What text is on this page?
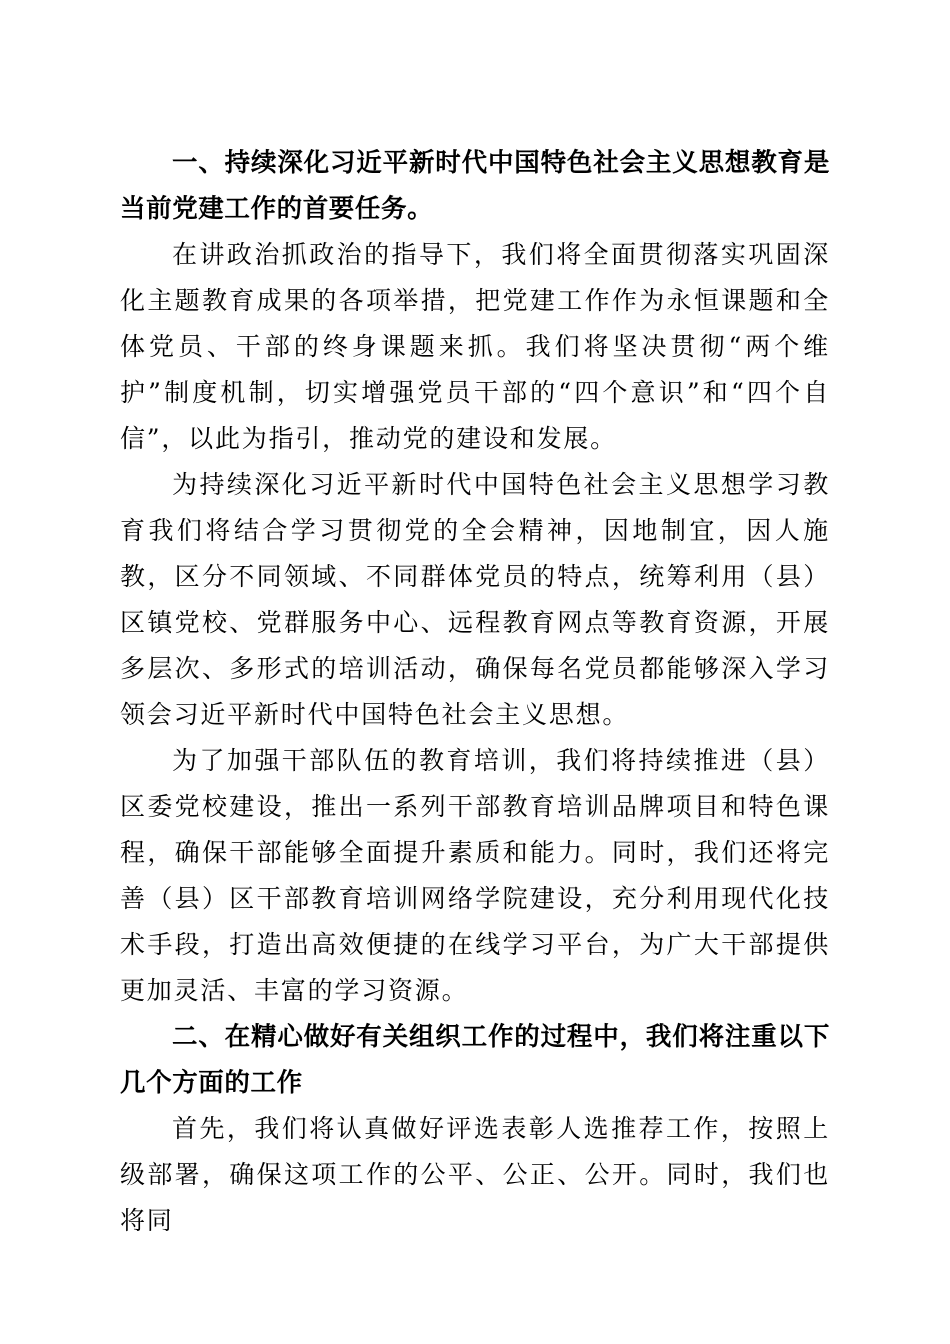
一、持续深化习近平新时代中国特色社会主义思想教育是当前党建工作的首要任务。

在讲政治抓政治的指导下，我们将全面贯彻落实巩固深化主题教育成果的各项举措，把党建工作作为永恒课题和全体党员、干部的终身课题来抓。我们将坚决贯彻“两个维护”制度机制，切实增强党员干部的“四个意识”和“四个自信”，以此为指引，推动党的建设和发展。

为持续深化习近平新时代中国特色社会主义思想学习教育我们将结合学习贯彻党的全会精神，因地制宜，因人施教，区分不同领域、不同群体党员的特点，统筹利用（县）区镇党校、党群服务中心、远程教育网点等教育资源，开展多层次、多形式的培训活动，确保每名党员都能够深入学习领会习近平新时代中国特色社会主义思想。

为了加强干部队伍的教育培训，我们将持续推进（县）区委党校建设，推出一系列干部教育培训品牌项目和特色课程，确保干部能够全面提升素质和能力。同时，我们还将完善（县）区干部教育培训网络学院建设，充分利用现代化技术手段，打造出高效便捷的在线学习平台，为广大干部提供更加灵活、丰富的学习资源。

二、在精心做好有关组织工作的过程中，我们将注重以下几个方面的工作

首先，我们将认真做好评选表彰人选推荐工作，按照上级部署，确保这项工作的公平、公正、公开。同时，我们也将同
